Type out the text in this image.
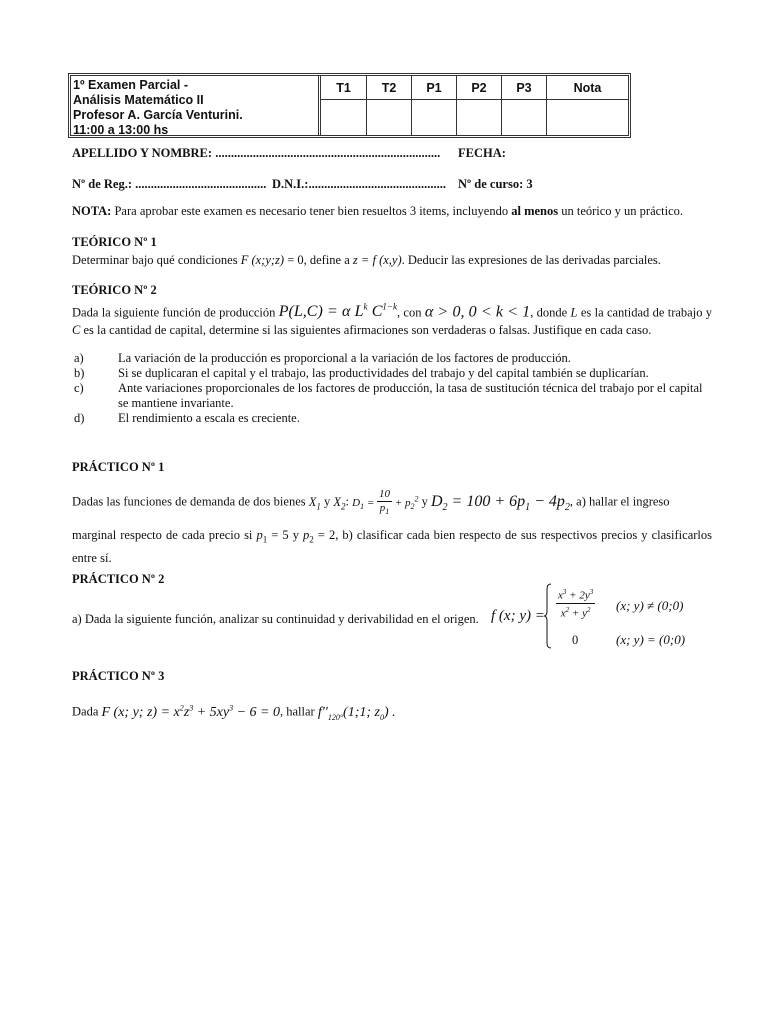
1º Examen Parcial -
Análisis Matemático II
Profesor A. García Venturini.
11:00 a 13:00 hs
T1	T2	P1	P2	P3	Nota
APELLIDO Y NOMBRE: ........................................................................ FECHA:
Nº de Reg.: .......................................... D.N.I.:............................................ Nº de curso: 3
NOTA: Para aprobar este examen es necesario tener bien resueltos 3 items, incluyendo al menos un teórico y un práctico.
TEÓRICO Nº 1
Determinar bajo qué condiciones F (x;y;z) = 0, define a z = f (x,y). Deducir las expresiones de las derivadas parciales.
TEÓRICO Nº 2
Dada la siguiente función de producción P(L,C) = α $L^k$ $C^{1-k}$, con α > 0, 0 < k < 1, donde L es la cantidad de trabajo y C es la cantidad de capital, determine si las siguientes afirmaciones son verdaderas o falsas. Justifique en cada caso.
a)	La variación de la producción es proporcional a la variación de los factores de producción.
b)	Si se duplicaran el capital y el trabajo, las productividades del trabajo y del capital también se duplicarían.
c)	Ante variaciones proporcionales de los factores de producción, la tasa de sustitución técnica del trabajo por el capital se mantiene invariante.
d)	El rendimiento a escala es creciente.
PRÁCTICO Nº 1
Dadas las funciones de demanda de dos bienes $X_1$ y $X_2$: $D_1 = \frac{10}{p_1} + p_2^2$ y $D_2 = 100 + 6p_1 - 4p_2$, a) hallar el ingreso
marginal respecto de cada precio si $p_1 = 5$ y $p_2 = 2$, b) clasificar cada bien respecto de sus respectivos precios y clasificarlos entre sí.
PRÁCTICO Nº 2
a) Dada la siguiente función, analizar su continuidad y derivabilidad en el origen. f (x; $y) = \frac{x^3 + 2y^3}{x^2 + y^2} (x$; y) ≠ (0;0)
0	(x; y) = (0;0)
PRÁCTICO Nº 3
Dada F (x; y; $z) = x^2z^3 + 5xy^3 - 6 = 0$, hallar $f''_{120^\circ}(1;1$; $z_0$) .
